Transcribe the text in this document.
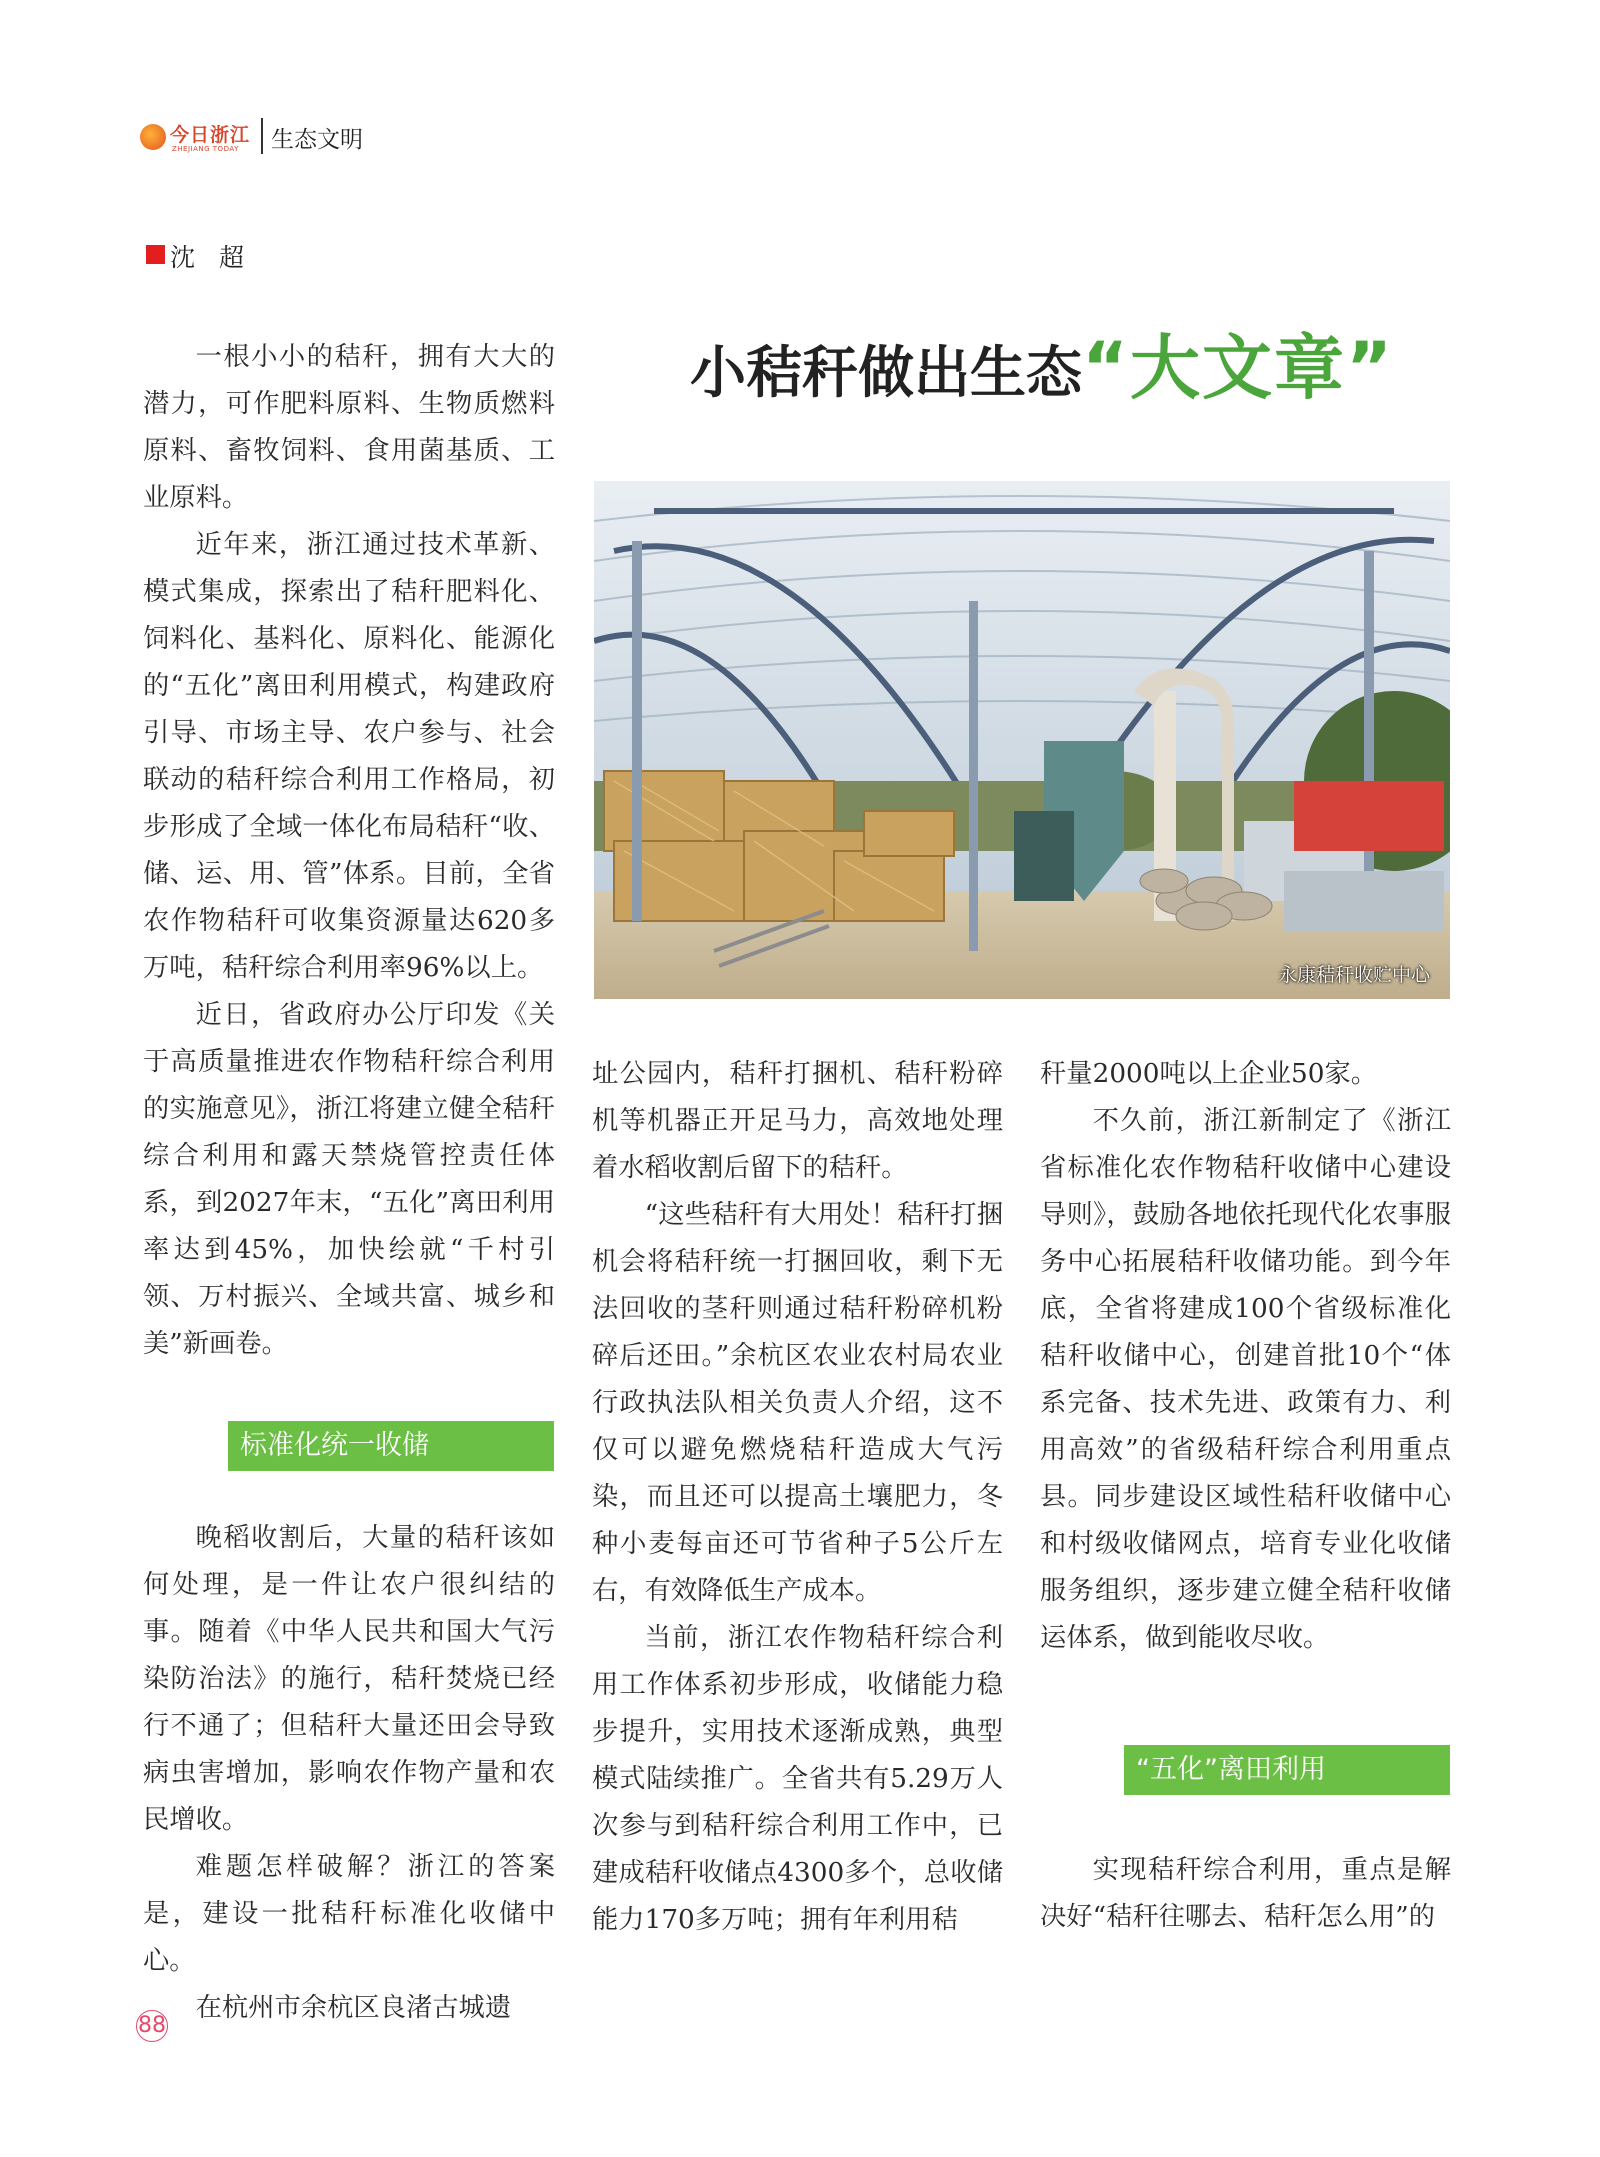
今日浙江
ZHEJIANG TODAY 生态文明
沈超
小秸秆做出生态“大文章”
永康秸秆收贮中心

一根小小的秸秆，拥有大大的潜力，可作肥料原料、生物质燃料原料、畜牧饲料、食用菌基质、工业原料。

近年来，浙江通过技术革新、模式集成，探索出了秸秆肥料化、饲料化、基料化、原料化、能源化的“五化”离田利用模式，构建政府引导、市场主导、农户参与、社会联动的秸秆综合利用工作格局，初步形成了全域一体化布局秸秆“收、储、运、用、管”体系。目前，全省农作物秸秆可收集资源量达620多万吨，秸秆综合利用率96%以上。

近日，省政府办公厅印发《关于高质量推进农作物秸秆综合利用的实施意见》，浙江将建立健全秸秆综合利用和露天禁烧管控责任体系，到2027年末，“五化”离田利用率达到45%，加快绘就“千村引领、万村振兴、全域共富、城乡和美”新画卷。

标准化统一收储

晚稻收割后，大量的秸秆该如何处理，是一件让农户很纠结的事。随着《中华人民共和国大气污染防治法》的施行，秸秆焚烧已经行不通了；但秸秆大量还田会导致病虫害增加，影响农作物产量和农民增收。

难题怎样破解？浙江的答案是，建设一批秸秆标准化收储中心。

在杭州市余杭区良渚古城遗

址公园内，秸秆打捆机、秸秆粉碎机等机器正开足马力，高效地处理着水稻收割后留下的秸秆。

“这些秸秆有大用处！秸秆打捆机会将秸秆统一打捆回收，剩下无法回收的茎秆则通过秸秆粉碎机粉碎后还田。”余杭区农业农村局农业行政执法队相关负责人介绍，这不仅可以避免燃烧秸秆造成大气污染，而且还可以提高土壤肥力，冬种小麦每亩还可节省种子5公斤左右，有效降低生产成本。

当前，浙江农作物秸秆综合利用工作体系初步形成，收储能力稳步提升，实用技术逐渐成熟，典型模式陆续推广。全省共有5.29万人次参与到秸秆综合利用工作中，已建成秸秆收储点4300多个，总收储能力170多万吨；拥有年利用秸

秆量2000吨以上企业50家。

不久前，浙江新制定了《浙江省标准化农作物秸秆收储中心建设导则》，鼓励各地依托现代化农事服务中心拓展秸秆收储功能。到今年底，全省将建成100个省级标准化秸秆收储中心，创建首批10个“体系完备、技术先进、政策有力、利用高效”的省级秸秆综合利用重点县。同步建设区域性秸秆收储中心和村级收储网点，培育专业化收储服务组织，逐步建立健全秸秆收储运体系，做到能收尽收。

“五化”离田利用

实现秸秆综合利用，重点是解决好“秸秆往哪去、秸秆怎么用”的

88
